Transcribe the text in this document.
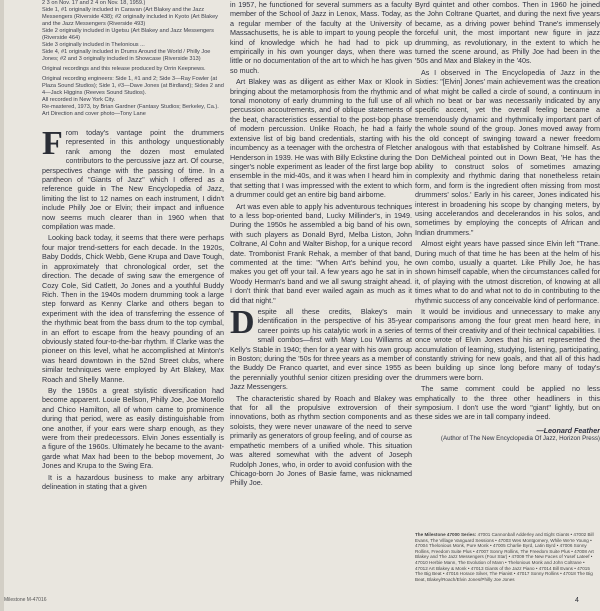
2 3 on Nov. 17 and 2 4 on Nov. 18, 1959.)
Side 1, #1 originally included in Caravan (Art Blakey and the Jazz Messengers (Riverside 438); #2 originally included in Kyoto (Art Blakey and the Jazz Messengers (Riverside 493)
Side 2 originally included in Ugetsu (Art Blakey and Jazz Messengers (Riverside 464)
Side 3 originally included in Thelonious ...
Side 4, #1 originally included in Drums Around the World / Philly Joe Jones; #2 and 3 originally included in Showcase (Riverside 313)
Original recordings and this release produced by Orrin Keepnews.
Original recording engineers: Side 1, #1 and 2; Side 3—Ray Fowler (at Plaza Sound Studios); Side 1, #3—Dave Jones (at Birdland); Sides 2 and 4—Jack Higgins (Reeves Sound Studios).
All recorded in New York City.
Re-mastered, 1973, by Brian Gardner (Fantasy Studios; Berkeley, Ca.).
Art Direction and cover photo—Tony Lane

From today's vantage point the drummers represented in this anthology unquestionably rank among the dozen most emulated contributors to the percussive jazz art. Of course, perspectives change with the passing of time. In a pantheon of "Giants of Jazz" which I offered as a reference guide in The New Encyclopedia of Jazz, limiting the list to 12 names on each instrument, I didn't include Philly Joe or Elvin; their impact and influence now seems much clearer than in 1960 when that compilation was made.

Looking back today, it seems that there were perhaps four major trend-setters for each decade. In the 1920s, Baby Dodds, Chick Webb, Gene Krupa and Dave Tough, in approximately that chronological order, set the direction. The decade of swing saw the emergence of Cozy Cole, Sid Catlett, Jo Jones and a youthful Buddy Rich. Then in the 1940s modern drumming took a large step forward as Kenny Clarke and others began to experiment with the idea of transferring the essence of the rhythmic beat from the bass drum to the top cymbal, in an effort to escape from the heavy pounding of an obviously stated four-to-the-bar rhythm. If Clarke was the pioneer on this level, what he accomplished at Minton's was heard downtown in the 52nd Street clubs, where similar techniques were employed by Art Blakey, Max Roach and Shelly Manne.

By the 1950s a great stylistic diversification had become apparent. Louie Bellson, Philly Joe, Joe Morello and Chico Hamilton, all of whom came to prominence during that period, were as easily distinguishable from one another, if your ears were sharp enough, as they were from their predecessors. Elvin Jones essentially is a figure of the 1960s. Ultimately he became to the avant-garde what Max had been to the bebop movement, Jo Jones and Krupa to the Swing Era.

It is a hazardous business to make any arbitrary delineation in stating that a given

in 1957, he functioned for several summers as a faculty member of the School of Jazz in Lenox, Mass. Today, as a regular member of the faculty at the University of Massachusetts, he is able to impart to young people the kind of knowledge which he had had to pick up empirically in his own younger days, when there was little or no documentation of the art to which he has given so much.

Art Blakey was as diligent as either Max or Klook in bringing about the metamorphosis from the rhythmic and tonal monotony of early drumming to the full use of all percussion accoutrements, and of oblique statements of the beat, characteristics essential to the post-bop phase of modern percussion. Unlike Roach, he had a fairly extensive list of big band credentials, starting with his incumbency as a teenager with the orchestra of Fletcher Henderson in 1939. He was with Billy Eckstine during the singer's noble experiment as leader of the first large bop ensemble in the mid-40s, and it was when I heard him in that setting that I was impressed with the extent to which a drummer could get an entire big band airborne.

Art was even able to apply his adventurous techniques to a less bop-oriented band, Lucky Millinder's, in 1949. During the 1950s he assembled a big band of his own, with such players as Donald Byrd, Melba Liston, John Coltrane, Al Cohn and Walter Bishop, for a unique record date. Trombonist Frank Rehak, a member of that band, commented at the time: "When Art's behind you, he makes you get off your tail. A few years ago he sat in in Woody Herman's band and we all swung straight ahead. I don't think that band ever wailed again as much as it did that night."

Despite all these credits, Blakey's main identification in the perspective of his 35-year career points up his catalytic work in a series of small combos—first with Mary Lou Williams at Kelly's Stable in 1940; then for a year with his own group in Boston; during the '50s for three years as a member of the Buddy De Franco quartet, and ever since 1955 as the perennially youthful senior citizen presiding over the Jazz Messengers.

The characteristic shared by Roach and Blakey was that for all the propulsive extroversion of their innovations, both as rhythm section components and as soloists, they were never unaware of the need to serve primarily as generators of group feeling, and of course as empathetic members of a unified whole. This situation was altered somewhat with the advent of Joseph Rudolph Jones, who, in order to avoid confusion with the Chicago-born Jo Jones of Basie fame, was nicknamed Philly Joe.

Byrd quintet and other combos. Then in 1960 he joined the John Coltrane Quartet, and during the next five years became, as a driving power behind Trane's immensely forceful unit, the most important new figure in jazz drumming, as revolutionary, in the extent to which he turned the scene around, as Philly Joe had been in the '50s and Max and Blakey in the '40s.

As I observed in The Encyclopedia of Jazz in the Sixties: "[Elvin] Jones' main achievement was the creation of what might be called a circle of sound, a continuum in which no beat or bar was necessarily indicated by any specific accent, yet the overall feeling became a tremendously dynamic and rhythmically important part of the whole sound of the group. Jones moved away from the old concept of swinging toward a newer freedom analogous with that established by Coltrane himself. As Don DeMicheal pointed out in Down Beat, 'He has the ability to construct solos of sometimes amazing complexity and rhythmic daring that nonetheless retain form, and form is the ingredient often missing from most drummers' solos.' Early in his career, Jones indicated his interest in broadening his scope by changing meters, by using accelerandos and decelerandos in his solos, and sometimes by employing the concepts of African and Indian drummers."

Almost eight years have passed since Elvin left "Trane. During much of that time he has been at the helm of his own combo, usually a quartet. Like Philly Joe, he has shown himself capable, when the circumstances called for it, of playing with the utmost discretion, of knowing at all times what to do and what not to do in contributing to the rhythmic success of any conceivable kind of performance.

It would be invidious and unnecessary to make any comparisons among the four great men heard here, in terms of their creativity and of their technical capabilities. I once wrote of Elvin Jones that his art represented the accumulation of learning, studying, listening, participating, constantly striving for new goals, and that all of this had been building up since long before many of today's drummers were born.

The same comment could be applied no less emphatically to the three other headliners in this symposium. I don't use the word "giant" lightly, but on these sides we are in tall company indeed.

—Leonard Feather
(Author of The New Encyclopedia Of Jazz, Horizon Press)
The Milestone 47000 Series: 47001 Cannonball Adderley and Eight Giants • 47002 Bill Evans, The Village Vanguard Sessions • 47003 Wes Montgomery, While We're Young • 47004 Thelonious Monk, Pure Monk • 47005 Charlie Byrd, Latin Byrd • 47006 Sonny Rollins, Freedom Suite Plus • 47007 Sonny Rollins, The Freedom Suite Plus • 47008 Art Blakey and The Jazz Messengers (Four Star) • 47009 The New Faces of Yusef Lateef • 47010 Herbie Mann, The Evolution of Mann • Thelonious Monk and John Coltrane • 47012 Art Blakey & Monk • 47013 Giants of the Jazz Piano • 47014 Bill Evans • 47015 The Big Beat • 47016 Horace Silver, The Pianist • 47017 Sonny Rollins • 47018 The Big Beat, Blakey/Roach/Elvin Jones/Philly Joe Jones
Milestone M-47016	4
